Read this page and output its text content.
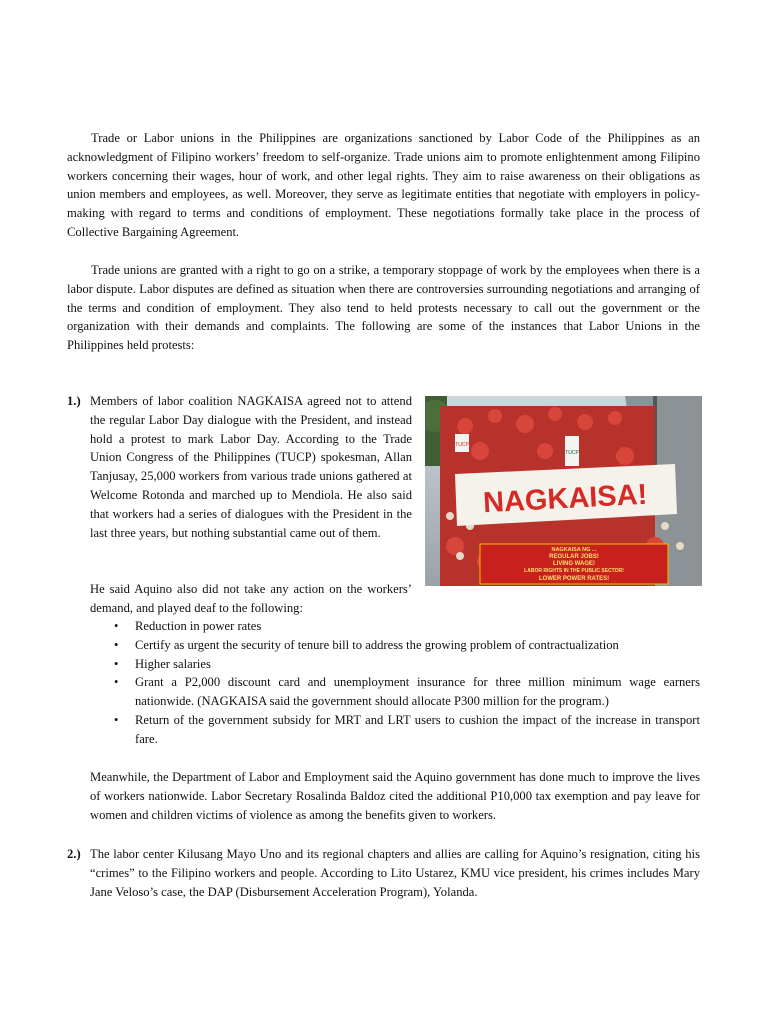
Trade or Labor unions in the Philippines are organizations sanctioned by Labor Code of the Philippines as an acknowledgment of Filipino workers’ freedom to self-organize. Trade unions aim to promote enlightenment among Filipino workers concerning their wages, hour of work, and other legal rights. They aim to raise awareness on their obligations as union members and employees, as well. Moreover, they serve as legitimate entities that negotiate with employers in policy-making with regard to terms and conditions of employment. These negotiations formally take place in the process of Collective Bargaining Agreement.

Trade unions are granted with a right to go on a strike, a temporary stoppage of work by the employees when there is a labor dispute. Labor disputes are defined as situation when there are controversies surrounding negotiations and arranging of the terms and condition of employment. They also tend to held protests necessary to call out the government or the organization with their demands and complaints. The following are some of the instances that Labor Unions in the Philippines held protests:

1.) Members of labor coalition NAGKAISA agreed not to attend the regular Labor Day dialogue with the President, and instead hold a protest to mark Labor Day. According to the Trade Union Congress of the Philippines (TUCP) spokesman, Allan Tanjusay, 25,000 workers from various trade unions gathered at Welcome Rotonda and marched up to Mendiola. He also said that workers had a series of dialogues with the President in the last three years, but nothing substantial came out of them.

TUCP
TUCP
NAGKAISA!
NAGKAISA NG ...
REGULAR JOBS!
LIVING WAGE!
LABOR RIGHTS IN THE PUBLIC SECTOR!
LOWER POWER RATES!

He said Aquino also did not take any action on the workers’ demand, and played deaf to the following:

• Reduction in power rates
• Certify as urgent the security of tenure bill to address the growing problem of contractualization
• Higher salaries
• Grant a P2,000 discount card and unemployment insurance for three million minimum wage earners nationwide. (NAGKAISA said the government should allocate P300 million for the program.)
• Return of the government subsidy for MRT and LRT users to cushion the impact of the increase in transport fare.

Meanwhile, the Department of Labor and Employment said the Aquino government has done much to improve the lives of workers nationwide. Labor Secretary Rosalinda Baldoz cited the additional P10,000 tax exemption and pay leave for women and children victims of violence as among the benefits given to workers.

2.) The labor center Kilusang Mayo Uno and its regional chapters and allies are calling for Aquino’s resignation, citing his “crimes” to the Filipino workers and people. According to Lito Ustarez, KMU vice president, his crimes includes Mary Jane Veloso’s case, the DAP (Disbursement Acceleration Program), Yolanda.
